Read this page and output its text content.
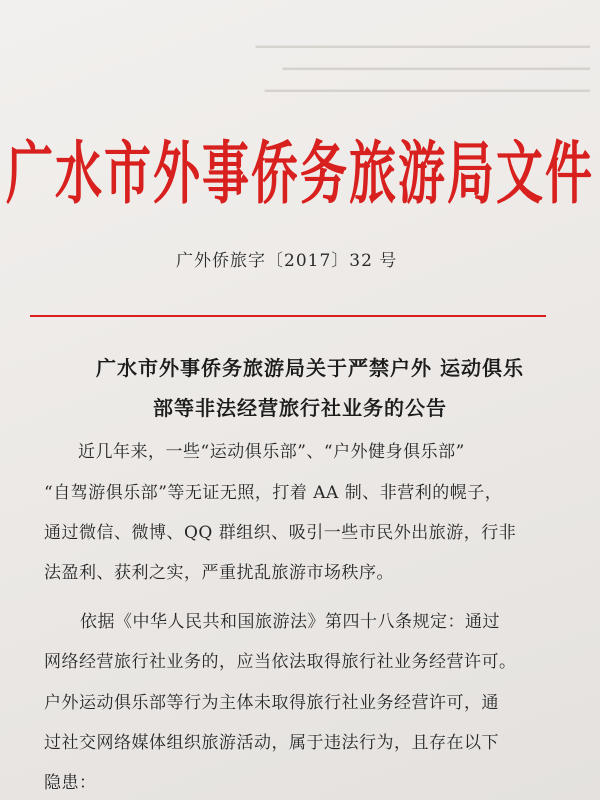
━━━━━━━━━━━━━━━━━━━━━━━━━━━━━━━━━━━━━
━━━━━━━━━━━━━━━━━━━━━━━━━━━━━━━━━━
━━━━━━━━━━━━━━━━━━━━━━━━━━━━━━━━━━━━
广水市外事侨务旅游局文件
广外侨旅字〔2017〕32 号
广水市外事侨务旅游局关于严禁户外 运动俱乐
部等非法经营旅行社业务的公告
近几年来，一些“运动俱乐部”、“户外健身俱乐部”
“自驾游俱乐部”等无证无照，打着 AA 制、非营利的幌子，
通过微信、微博、QQ 群组织、吸引一些市民外出旅游，行非
法盈利、获利之实，严重扰乱旅游市场秩序。
依据《中华人民共和国旅游法》第四十八条规定：通过
网络经营旅行社业务的，应当依法取得旅行社业务经营许可。
户外运动俱乐部等行为主体未取得旅行社业务经营许可，通
过社交网络媒体组织旅游活动，属于违法行为，且存在以下
隐患：
